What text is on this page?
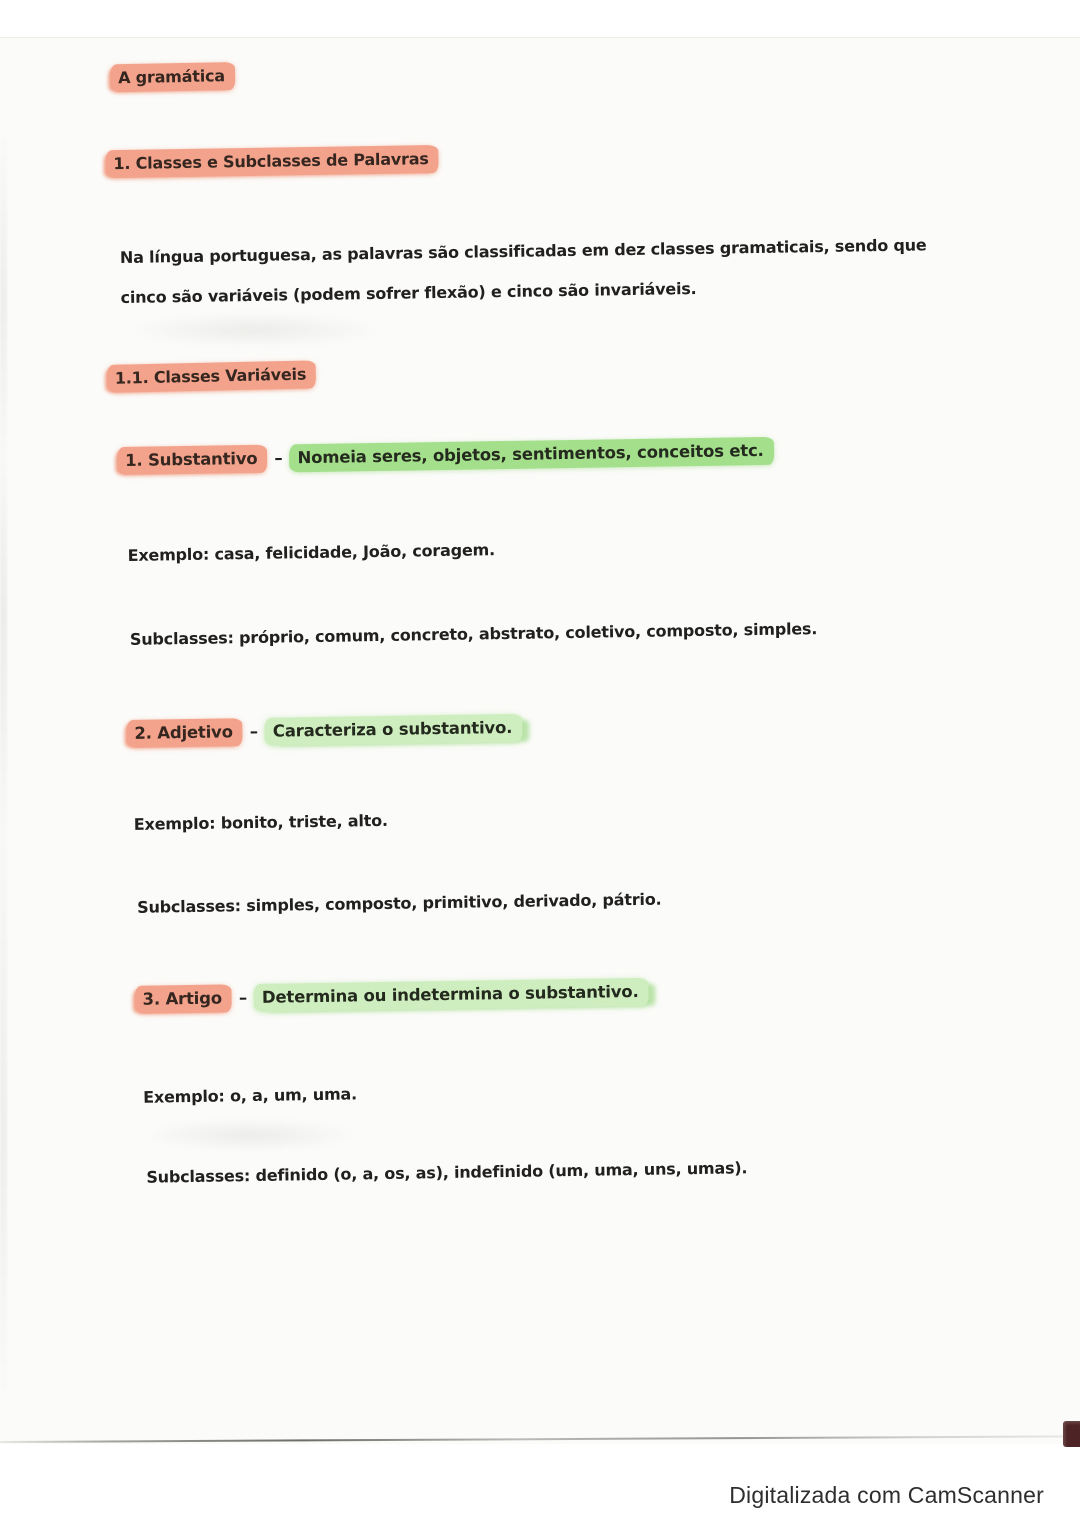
A gramática
1. Classes e Subclasses de Palavras
Na língua portuguesa, as palavras são classificadas em dez classes gramaticais, sendo que cinco são variáveis (podem sofrer flexão) e cinco são invariáveis.
1.1. Classes Variáveis
1. Substantivo – Nomeia seres, objetos, sentimentos, conceitos etc.
Exemplo: casa, felicidade, João, coragem.
Subclasses: próprio, comum, concreto, abstrato, coletivo, composto, simples.
2. Adjetivo – Caracteriza o substantivo.
Exemplo: bonito, triste, alto.
Subclasses: simples, composto, primitivo, derivado, pátrio.
3. Artigo – Determina ou indetermina o substantivo.
Exemplo: o, a, um, uma.
Subclasses: definido (o, a, os, as), indefinido (um, uma, uns, umas).
Digitalizada com CamScanner
